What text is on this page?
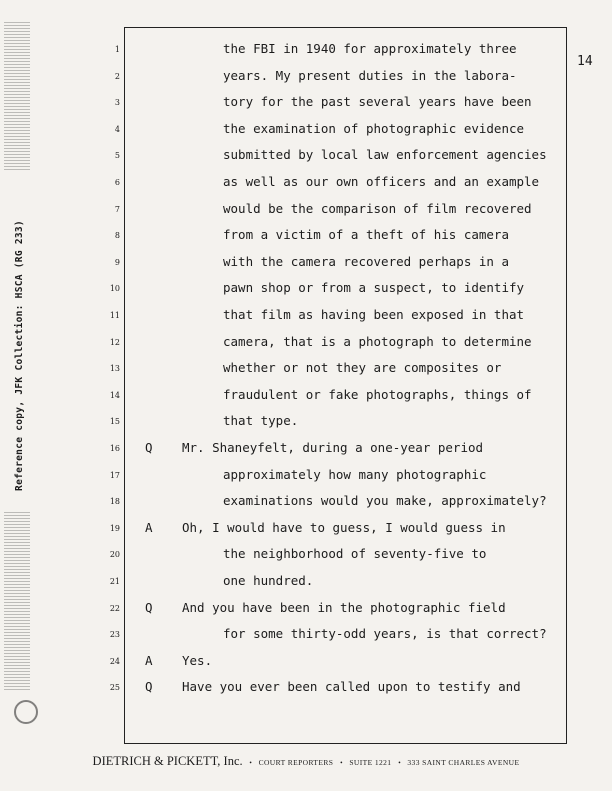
Reference copy, JFK Collection: HSCA (RG 233)
14
1	the FBI in 1940 for approximately three
2	years. My present duties in the labora-
3	tory for the past several years have been
4	the examination of photographic evidence
5	submitted by local law enforcement agencies
6	as well as our own officers and an example
7	would be the comparison of film recovered
8	from a victim of a theft of his camera
9	with the camera recovered perhaps in a
10	pawn shop or from a suspect, to identify
11	that film as having been exposed in that
12	camera, that is a photograph to determine
13	whether or not they are composites or
14	fraudulent or fake photographs, things of
15	that type.
16 Q Mr. Shaneyfelt, during a one-year period
17	approximately how many photographic
18	examinations would you make, approximately?
19 A Oh, I would have to guess, I would guess in
20	the neighborhood of seventy-five to
21	one hundred.
22 Q And you have been in the photographic field
23	for some thirty-odd years, is that correct?
24 A Yes.
25 Q Have you ever been called upon to testify and
DIETRICH & PICKETT, Inc. • COURT REPORTERS • SUITE 1221 • 333 SAINT CHARLES AVENUE
